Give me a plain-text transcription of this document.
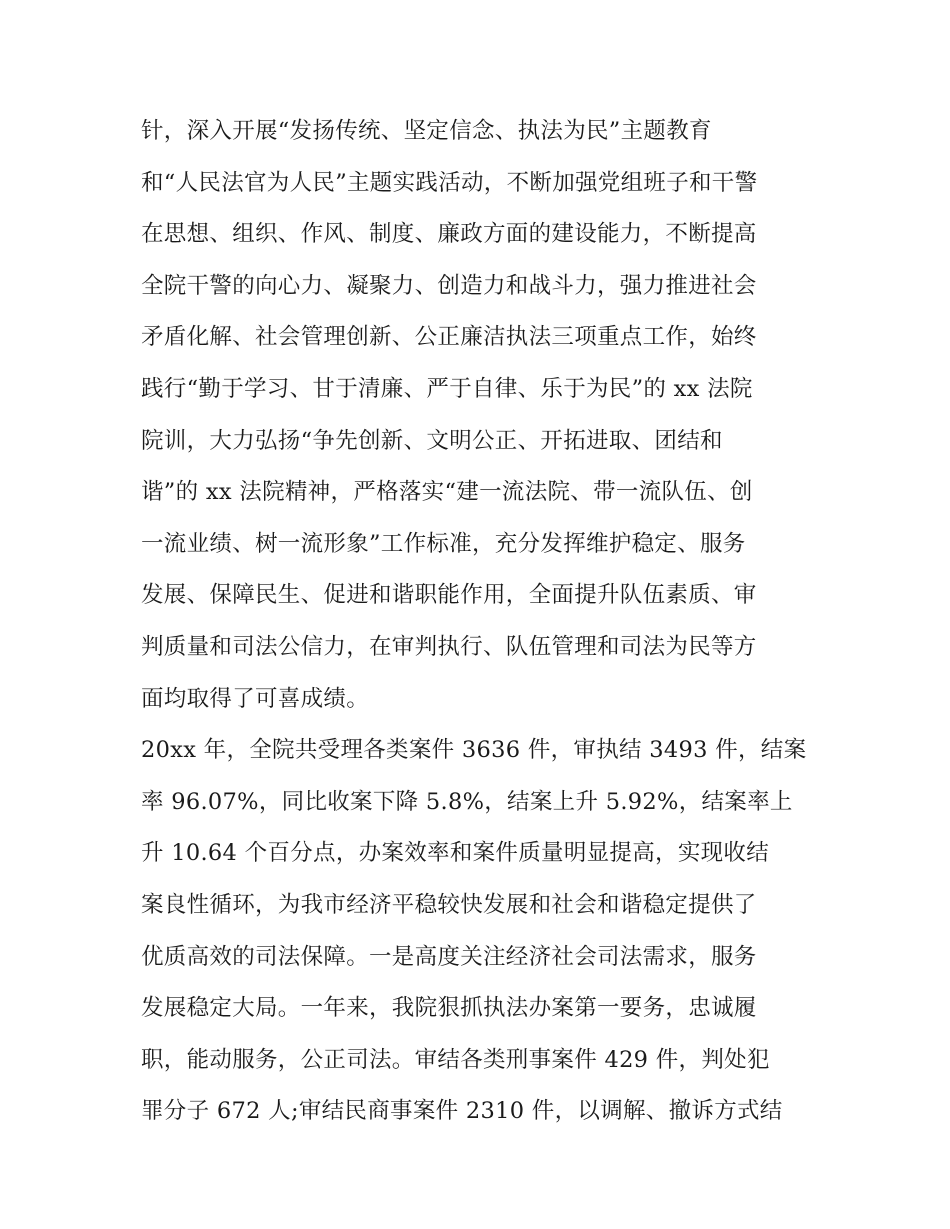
针，深入开展“发扬传统、坚定信念、执法为民”主题教育
和“人民法官为人民”主题实践活动，不断加强党组班子和干警
在思想、组织、作风、制度、廉政方面的建设能力，不断提高
全院干警的向心力、凝聚力、创造力和战斗力，强力推进社会
矛盾化解、社会管理创新、公正廉洁执法三项重点工作，始终
践行“勤于学习、甘于清廉、严于自律、乐于为民”的 xx 法院
院训，大力弘扬“争先创新、文明公正、开拓进取、团结和
谐”的 xx 法院精神，严格落实“建一流法院、带一流队伍、创
一流业绩、树一流形象”工作标准，充分发挥维护稳定、服务
发展、保障民生、促进和谐职能作用，全面提升队伍素质、审
判质量和司法公信力，在审判执行、队伍管理和司法为民等方
面均取得了可喜成绩。
20xx 年，全院共受理各类案件 3636 件，审执结 3493 件，结案
率 96.07%，同比收案下降 5.8%，结案上升 5.92%，结案率上
升 10.64 个百分点，办案效率和案件质量明显提高，实现收结
案良性循环，为我市经济平稳较快发展和社会和谐稳定提供了
优质高效的司法保障。一是高度关注经济社会司法需求，服务
发展稳定大局。一年来，我院狠抓执法办案第一要务，忠诚履
职，能动服务，公正司法。审结各类刑事案件 429 件，判处犯
罪分子 672 人;审结民商事案件 2310 件，以调解、撤诉方式结
